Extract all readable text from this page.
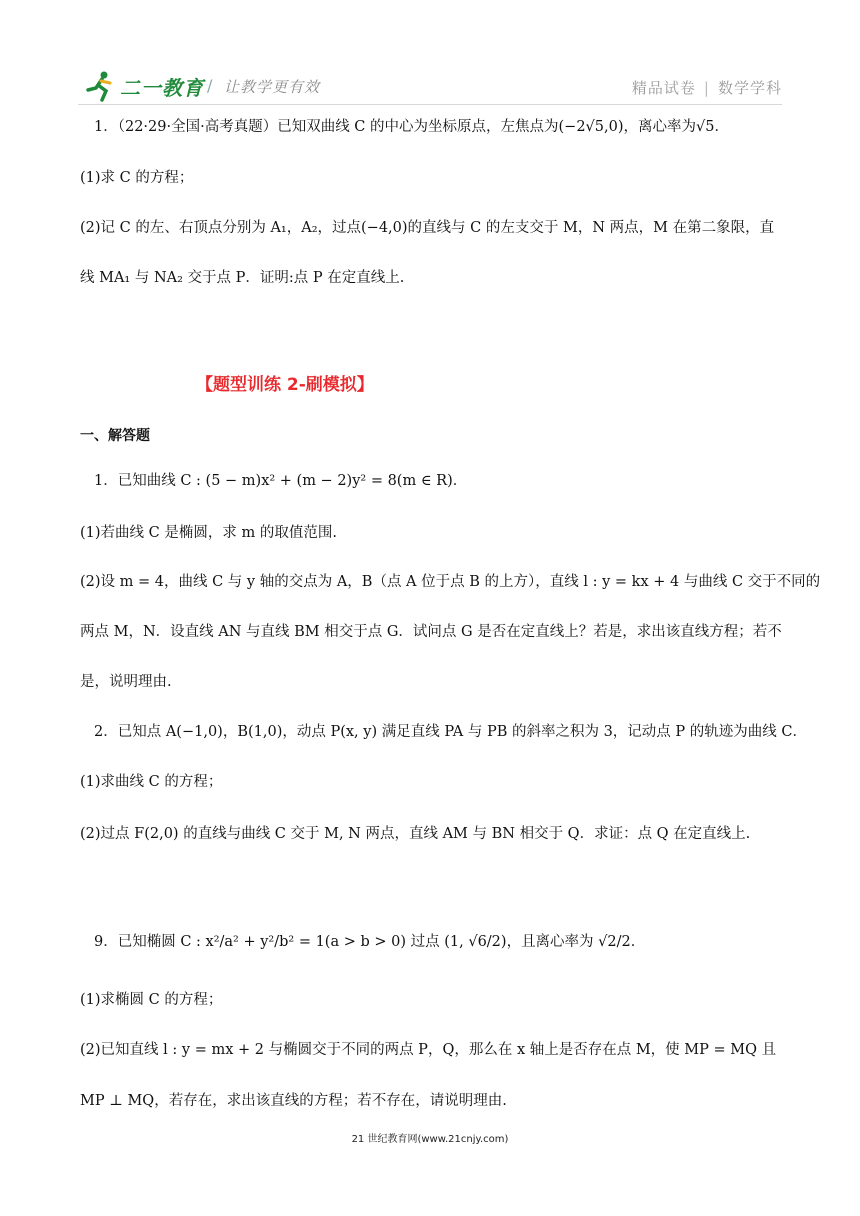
二一教育 / 让教学更有效	精品试卷 | 数学学科
1．（22·29·全国·高考真题）已知双曲线 C 的中心为坐标原点，左焦点为(−2√5,0)，离心率为√5．
(1)求 C 的方程；
(2)记 C 的左、右顶点分别为 A₁，A₂，过点(−4,0)的直线与 C 的左支交于 M，N 两点，M 在第二象限，直
线 MA₁ 与 NA₂ 交于点 P．证明:点 P 在定直线上.
【题型训练 2-刷模拟】
一、解答题
1．已知曲线 C : (5 − m)x² + (m − 2)y² = 8(m ∈ R)．
(1)若曲线 C 是椭圆，求 m 的取值范围.
(2)设 m = 4，曲线 C 与 y 轴的交点为 A，B（点 A 位于点 B 的上方），直线 l : y = kx + 4 与曲线 C 交于不同的
两点 M，N．设直线 AN 与直线 BM 相交于点 G．试问点 G 是否在定直线上？若是，求出该直线方程；若不
是，说明理由.
2．已知点 A(−1,0)，B(1,0)，动点 P(x, y) 满足直线 PA 与 PB 的斜率之积为 3，记动点 P 的轨迹为曲线 C．
(1)求曲线 C 的方程；
(2)过点 F(2,0) 的直线与曲线 C 交于 M, N 两点，直线 AM 与 BN 相交于 Q．求证：点 Q 在定直线上.
9．已知椭圆 C : x²/a² + y²/b² = 1(a > b > 0) 过点 (1, √6/2)，且离心率为 √2/2．
(1)求椭圆 C 的方程；
(2)已知直线 l : y = mx + 2 与椭圆交于不同的两点 P，Q，那么在 x 轴上是否存在点 M，使 MP = MQ 且
MP ⊥ MQ，若存在，求出该直线的方程；若不存在，请说明理由.
21 世纪教育网(www.21cnjy.com)
